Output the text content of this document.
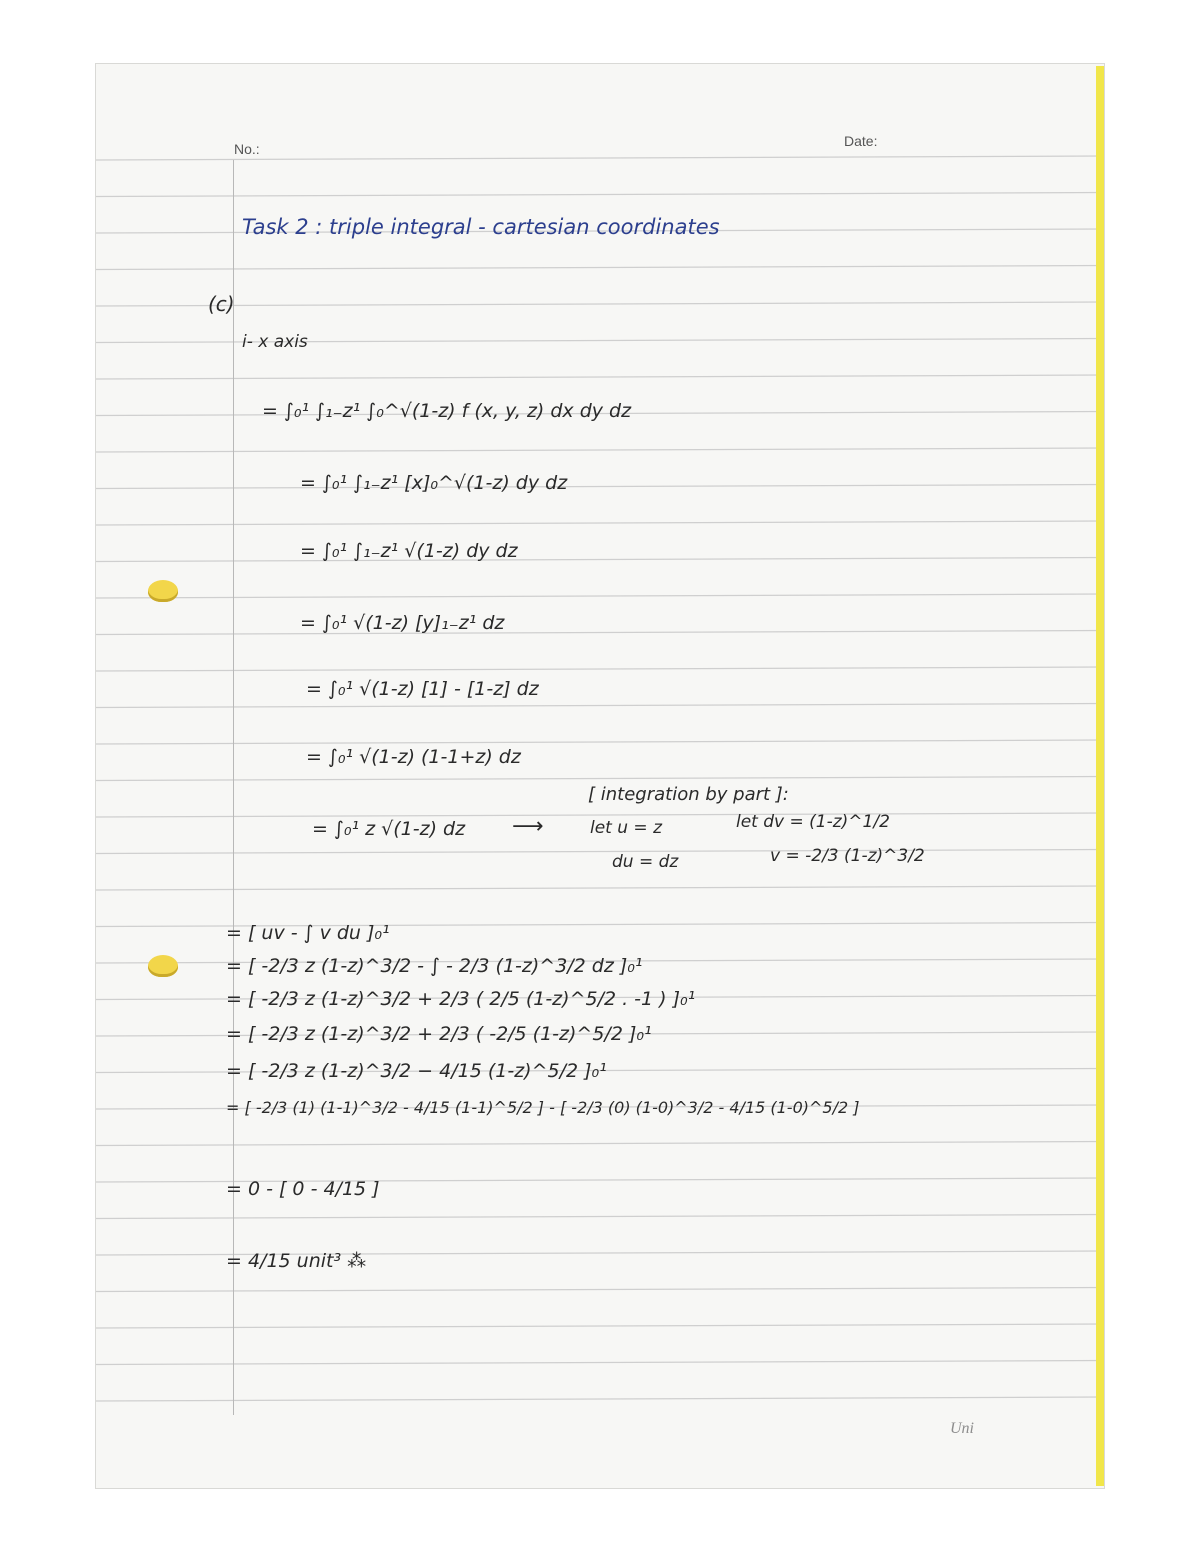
No.:	Date:
Task 2 : triple integral - cartesian coordinates
(c)
i- x axis
= ∫₀¹ ∫₁₋z¹ ∫₀^√(1-z) f (x, y, z) dx dy dz
= ∫₀¹ ∫₁₋z¹ [x]₀^√(1-z) dy dz
= ∫₀¹ ∫₁₋z¹ √(1-z) dy dz
= ∫₀¹ √(1-z) [y]₁₋z¹ dz
= ∫₀¹ √(1-z) [1] - [1-z] dz
= ∫₀¹ √(1-z) (1-1+z) dz
= ∫₀¹ z √(1-z) dz
[ integration by part ]:
⟶	let u = z
du = dz
let dv = (1-z)^1/2
v = -2/3 (1-z)^3/2
= [ uv - ∫ v du ]₀¹
= [ -2/3 z (1-z)^3/2 - ∫ - 2/3 (1-z)^3/2 dz ]₀¹
= [ -2/3 z (1-z)^3/2 + 2/3 ( 2/5 (1-z)^5/2 . -1 ) ]₀¹
= [ -2/3 z (1-z)^3/2 + 2/3 ( -2/5 (1-z)^5/2 ]₀¹
= [ -2/3 z (1-z)^3/2 − 4/15 (1-z)^5/2 ]₀¹
= [ -2/3 (1) (1-1)^3/2 - 4/15 (1-1)^5/2 ] - [ -2/3 (0) (1-0)^3/2 - 4/15 (1-0)^5/2 ]
= 0 - [ 0 - 4/15 ]
= 4/15 unit³ ⁂
Uni
